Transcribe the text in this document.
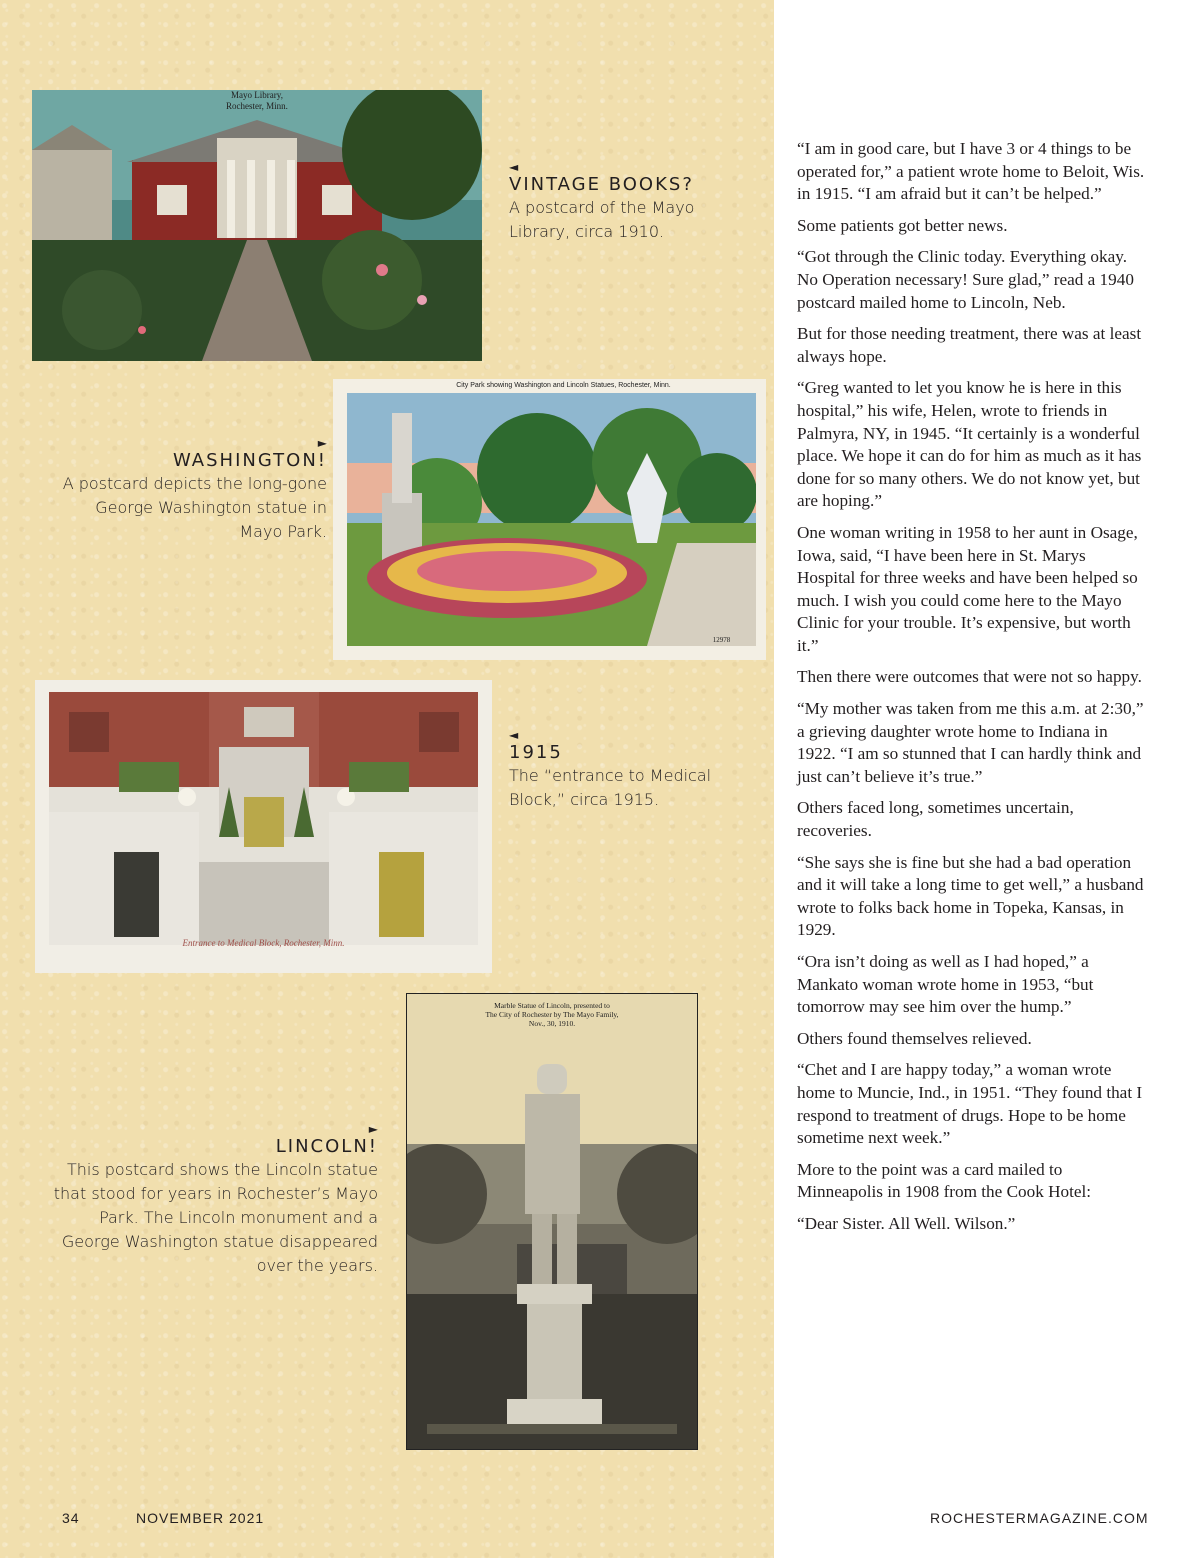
Mayo Library,
Rochester, Minn.
◄
VINTAGE BOOKS?
A postcard of the Mayo
Library, circa 1910.
City Park showing Washington and Lincoln Statues, Rochester, Minn.
12978
►
WASHINGTON!
A postcard depicts the long-gone
George Washington statue in
Mayo Park.
Entrance to Medical Block, Rochester, Minn.
◄
1915
The “entrance to Medical
Block,” circa 1915.
Marble Statue of Lincoln, presented to
The City of Rochester by The Mayo Family,
Nov., 30, 1910.
►
LINCOLN!
This postcard shows the Lincoln statue
that stood for years in Rochester’s Mayo
Park. The Lincoln monument and a
George Washington statue disappeared
over the years.

“I am in good care, but I have 3 or 4 things to be operated for,” a patient wrote home to Beloit, Wis. in 1915. “I am afraid but it can’t be helped.”

Some patients got better news.

“Got through the Clinic today. Everything okay. No Operation necessary! Sure glad,” read a 1940 postcard mailed home to Lincoln, Neb.

But for those needing treatment, there was at least always hope.

“Greg wanted to let you know he is here in this hospital,” his wife, Helen, wrote to friends in Palmyra, NY, in 1945. “It certainly is a wonderful place. We hope it can do for him as much as it has done for so many others. We do not know yet, but are hoping.”

One woman writing in 1958 to her aunt in Osage, Iowa, said, “I have been here in St. Marys Hospital for three weeks and have been helped so much. I wish you could come here to the Mayo Clinic for your trouble. It’s expensive, but worth it.”

Then there were outcomes that were not so happy.

“My mother was taken from me this a.m. at 2:30,” a grieving daughter wrote home to Indiana in 1922. “I am so stunned that I can hardly think and just can’t believe it’s true.”

Others faced long, sometimes uncertain, recoveries.

“She says she is fine but she had a bad operation and it will take a long time to get well,” a husband wrote to folks back home in Topeka, Kansas, in 1929.

“Ora isn’t doing as well as I had hoped,” a Mankato woman wrote home in 1953, “but tomorrow may see him over the hump.”

Others found themselves relieved.

“Chet and I are happy today,” a woman wrote home to Muncie, Ind., in 1951. “They found that I respond to treatment of drugs. Hope to be home sometime next week.”

More to the point was a card mailed to Minneapolis in 1908 from the Cook Hotel:

“Dear Sister. All Well. Wilson.”

34	NOVEMBER 2021	ROCHESTERMAGAZINE.COM
